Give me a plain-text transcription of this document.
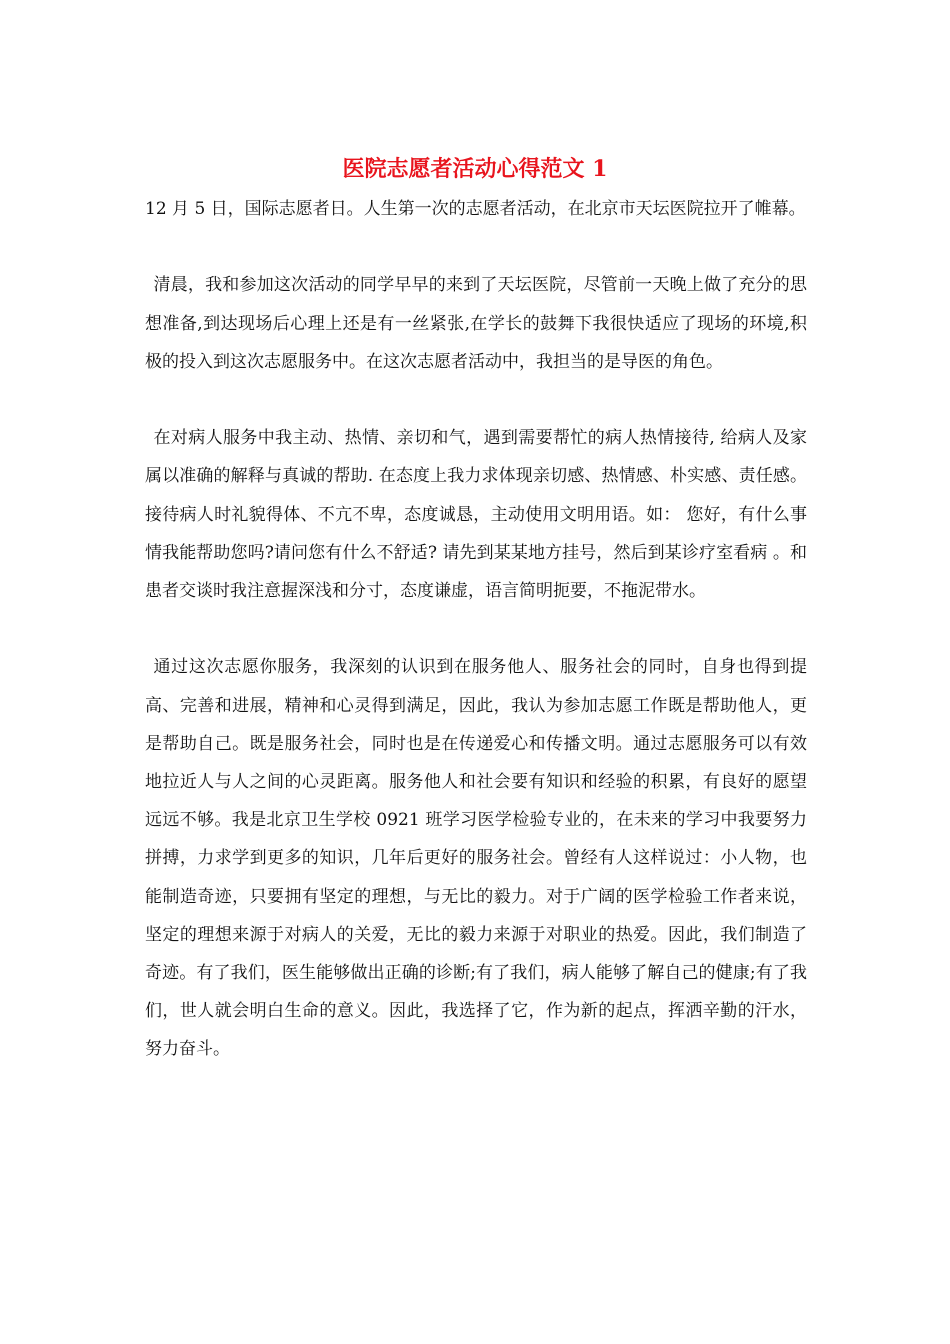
医院志愿者活动心得范文 1

12 月 5 日，国际志愿者日。人生第一次的志愿者活动，在北京市天坛医院拉开了帷幕。

清晨，我和参加这次活动的同学早早的来到了天坛医院，尽管前一天晚上做了充分的思想准备,到达现场后心理上还是有一丝紧张,在学长的鼓舞下我很快适应了现场的环境,积极的投入到这次志愿服务中。在这次志愿者活动中，我担当的是导医的角色。

在对病人服务中我主动、热情、亲切和气，遇到需要帮忙的病人热情接待, 给病人及家属以准确的解释与真诚的帮助. 在态度上我力求体现亲切感、热情感、朴实感、责任感。接待病人时礼貌得体、不亢不卑，态度诚恳，主动使用文明用语。如： 您好，有什么事情我能帮助您吗?请问您有什么不舒适? 请先到某某地方挂号，然后到某诊疗室看病 。和患者交谈时我注意握深浅和分寸，态度谦虚，语言简明扼要，不拖泥带水。

通过这次志愿你服务，我深刻的认识到在服务他人、服务社会的同时，自身也得到提高、完善和进展，精神和心灵得到满足，因此，我认为参加志愿工作既是帮助他人，更是帮助自己。既是服务社会，同时也是在传递爱心和传播文明。通过志愿服务可以有效地拉近人与人之间的心灵距离。服务他人和社会要有知识和经验的积累，有良好的愿望远远不够。我是北京卫生学校 0921 班学习医学检验专业的，在未来的学习中我要努力拼搏，力求学到更多的知识，几年后更好的服务社会。曾经有人这样说过：小人物，也能制造奇迹，只要拥有坚定的理想，与无比的毅力。对于广阔的医学检验工作者来说，坚定的理想来源于对病人的关爱，无比的毅力来源于对职业的热爱。因此，我们制造了奇迹。有了我们，医生能够做出正确的诊断;有了我们，病人能够了解自己的健康;有了我们，世人就会明白生命的意义。因此，我选择了它，作为新的起点，挥洒辛勤的汗水，努力奋斗。
